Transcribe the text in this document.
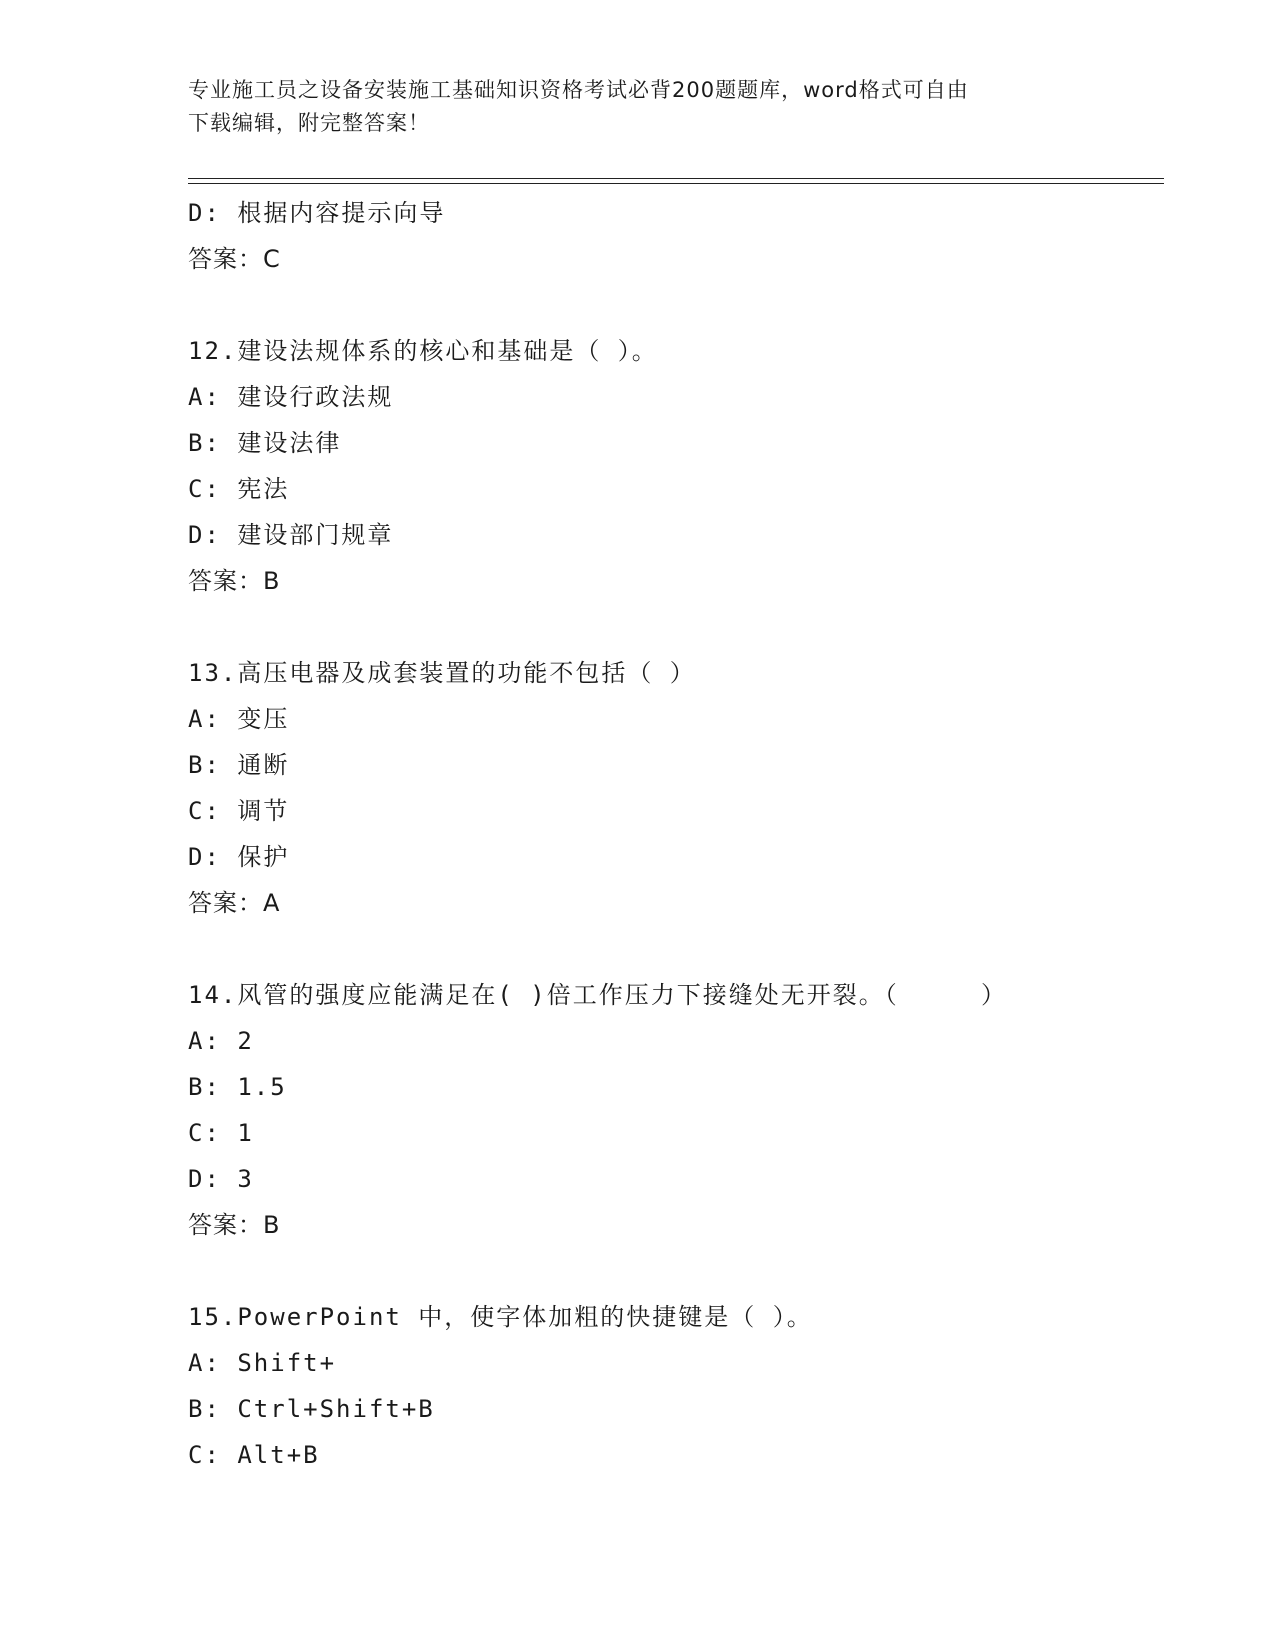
专业施工员之设备安装施工基础知识资格考试必背200题题库，word格式可自由
下载编辑，附完整答案！
D: 根据内容提示向导
答案：C
12.建设法规体系的核心和基础是（ ）。
A: 建设行政法规
B: 建设法律
C: 宪法
D: 建设部门规章
答案：B
13.高压电器及成套装置的功能不包括（ ）
A: 变压
B: 通断
C: 调节
D: 保护
答案：A
14.风管的强度应能满足在( )倍工作压力下接缝处无开裂。（     ）
A: 2
B: 1.5
C: 1
D: 3
答案：B
15.PowerPoint 中，使字体加粗的快捷键是（ ）。
A: Shift+
B: Ctrl+Shift+B
C: Alt+B
